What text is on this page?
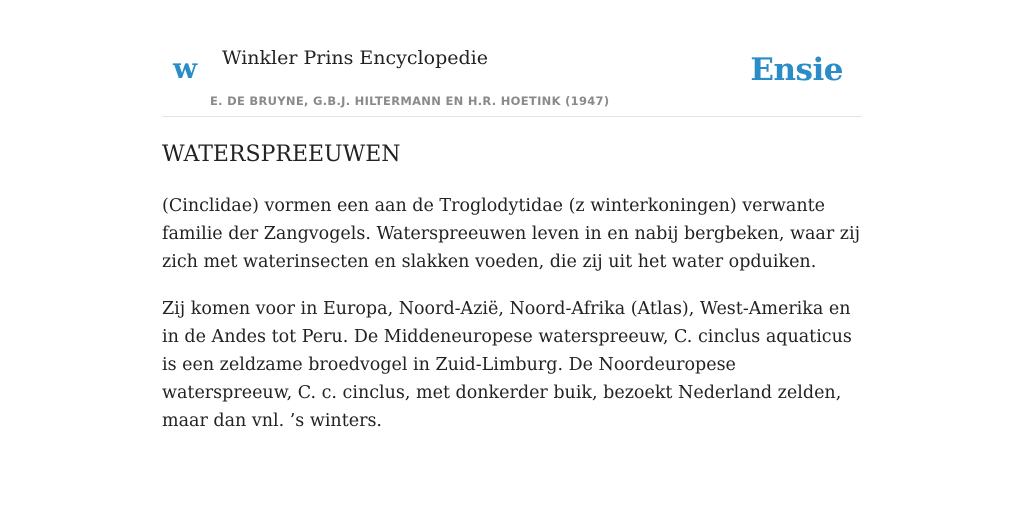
w Winkler Prins Encyclopedie
E. DE BRUYNE, G.B.J. HILTERMANN EN H.R. HOETINK (1947)
Ensie
WATERSPREEUWEN

(Cinclidae) vormen een aan de Troglodytidae (z winterkoningen) verwante familie der Zangvogels. Waterspreeuwen leven in en nabij bergbeken, waar zij zich met waterinsecten en slakken voeden, die zij uit het water opduiken.

Zij komen voor in Europa, Noord-Azië, Noord-Afrika (Atlas), West-Amerika en in de Andes tot Peru. De Middeneuropese waterspreeuw, C. cinclus aquaticus is een zeldzame broedvogel in Zuid-Limburg. De Noordeuropese waterspreeuw, C. c. cinclus, met donkerder buik, bezoekt Nederland zelden, maar dan vnl. ’s winters.
